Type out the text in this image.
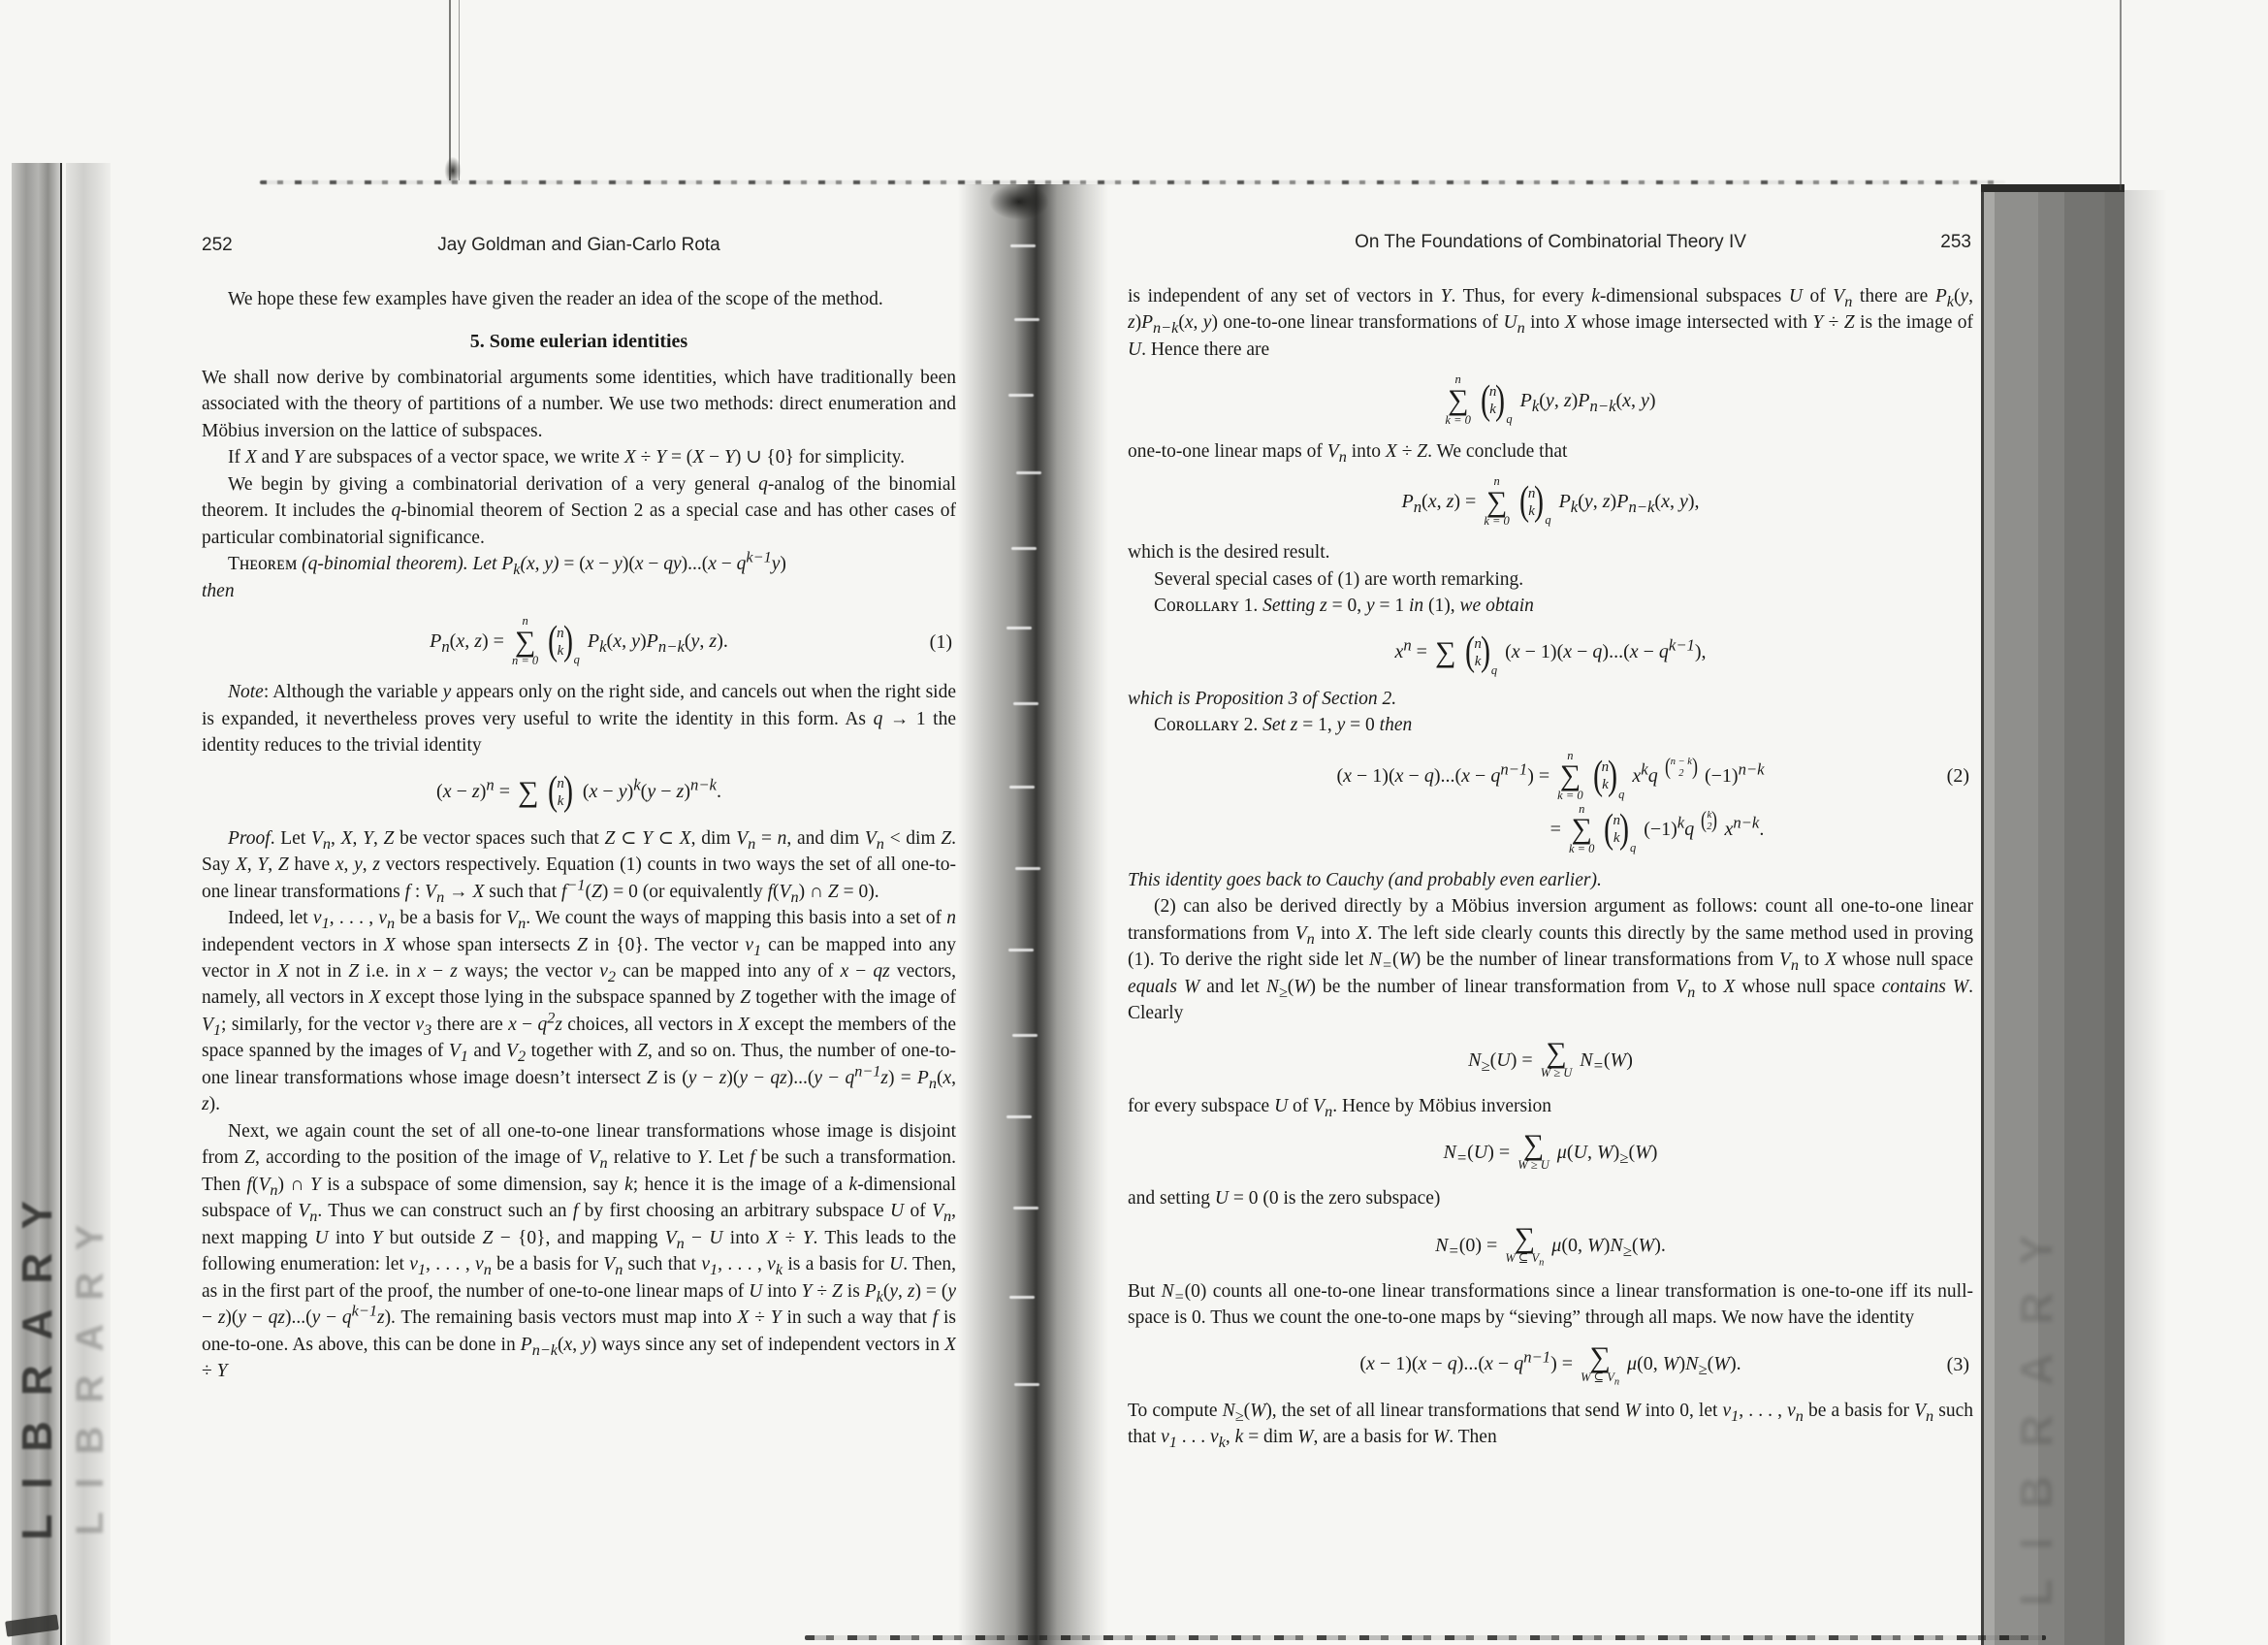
LIBRARY LIBRARY	LIBRARY
252	Jay Goldman and Gian-Carlo Rota	On The Foundations of Combinatorial Theory IV	253

We hope these few examples have given the reader an idea of the scope of the method.

5. Some eulerian identities

We shall now derive by combinatorial arguments some identities, which have traditionally been associated with the theory of partitions of a number. We use two methods: direct enumeration and Möbius inversion on the lattice of subspaces.

If X and Y are subspaces of a vector space, we write X ÷ Y = (X − Y) ∪ {0} for simplicity.

We begin by giving a combinatorial derivation of a very general q-analog of the binomial theorem. It includes the q-binomial theorem of Section 2 as a special case and has other cases of particular combinatorial significance.

Tʜᴇᴏʀᴇᴍ (q-binomial theorem). Let $P_k(x$, $y) = (x - y)(x - qy)...(x - q^{k-1}y)$

then

$P_n(x$, z) =
n
∑
n = 0 (
n
k ) q
$P_k(x$, $y)P_{n-k}(y$, z).	(1)

Note: Although the variable y appears only on the right side, and cancels out when the right side is expanded, it nevertheless proves very useful to write the identity in this form. As q → 1 the identity reduces to the trivial identity

$(x - z)^n$ = ∑ (
n
k ) $(x - y)^k(y - z)^{n-k}$.

Proof. Let $V_n$, X, Y, Z be vector spaces such that Z ⊂ Y ⊂ X, dim $V_n = n$, and dim $V_n$ < dim Z. Say X, Y, Z have x, y, z vectors respectively. Equation (1) counts in two ways the set of all one-to-one linear transformations f : $V_n \to X$ such that $f^{-1}(Z) = 0$ (or equivalently $f(V_n)$ ∩ Z = 0).

Indeed, let $v_1$, . . . , $v_n$ be a basis for $V_n$. We count the ways of mapping this basis into a set of n independent vectors in X whose span intersects Z in {0}. The vector $v_1$ can be mapped into any vector in X not in Z i.e. in x − z ways; the vector $v_2$ can be mapped into any of x − qz vectors, namely, all vectors in X except those lying in the subspace spanned by Z together with the image of $V_1$; similarly, for the vector $v_3$ there are $x - q^2z$ choices, all vectors in X except the members of the space spanned by the images of $V_1$ and $V_2$ together with Z, and so on. Thus, the number of one-to-one linear transformations whose image doesn’t intersect Z is $(y - z)(y - qz)...(y - q^{n-1}z) = P_n(x$, z).

Next, we again count the set of all one-to-one linear transformations whose image is disjoint from Z, according to the position of the image of $V_n$ relative to Y. Let f be such a transformation. Then $f(V_n)$ ∩ Y is a subspace of some dimension, say k; hence it is the image of a k-dimensional subspace of $V_n$. Thus we can construct such an f by first choosing an arbitrary subspace U of $V_n$, next mapping U into Y but outside Z − {0}, and mapping $V_n - U$ into X ÷ Y. This leads to the following enumeration: let $v_1$, . . . , $v_n$ be a basis for $V_n$ such that $v_1$, . . . , $v_k$ is a basis for U. Then, as in the first part of the proof, the number of one-to-one linear maps of U into Y ÷ Z is $P_k(y$, $z) = (y - z)(y - qz)...(y - q^{k-1}z)$. The remaining basis vectors must map into X ÷ Y in such a way that f is one-to-one. As above, this can be done in $P_{n-k}(x$, y) ways since any set of independent vectors in X ÷ Y

is independent of any set of vectors in Y. Thus, for every k-dimensional subspaces U of $V_n$ there are $P_k(y$, $z)P_{n-k}(x$, y) one-to-one linear transformations of $U_n$ into X whose image intersected with Y ÷ Z is the image of U. Hence there are

n
∑
k = 0 (
n
k ) q
$P_k(y$, $z)P_{n-k}(x$, y)

one-to-one linear maps of $V_n$ into X ÷ Z. We conclude that

$P_n(x$, z) =
n
∑
k = 0 (
n
k ) q
$P_k(y$, $z)P_{n-k}(x$, y),

which is the desired result.

Several special cases of (1) are worth remarking.

Cᴏʀᴏʟʟᴀʀʏ 1. Setting z = 0, y = 1 in (1), we obtain

$x^n$ = ∑ (
n
k ) q
$(x - 1)(x - q)...(x - q^{k-1})$,

which is Proposition 3 of Section 2.

Cᴏʀᴏʟʟᴀʀʏ 2. Set z = 1, y = 0 then

$(x - 1)(x - q)...(x - q^{n-1})$ =
n
∑
k = 0 (
n
k ) q
$x^kq$ ( n − k
2 ) $(-1)^{n-k}$	(2)
=
n
∑
k = 0 (
n
k ) q
$(-1)^kq$ ( k
2 ) $x^{n-k}$.

This identity goes back to Cauchy (and probably even earlier).

(2) can also be derived directly by a Möbius inversion argument as follows: count all one-to-one linear transformations from $V_n$ into X. The left side clearly counts this directly by the same method used in proving (1). To derive the right side let $N_=(W)$ be the number of linear transformations from $V_n$ to X whose null space equals W and let $N_\ge(W)$ be the number of linear transformation from $V_n$ to X whose null space contains W. Clearly

$N_\ge(U)$ = ∑
W ≥ U
$N_=(W)$

for every subspace U of $V_n$. Hence by Möbius inversion

$N_=(U)$ = ∑
W ≥ U
μ(U, $W)_\ge(W)$

and setting U = 0 (0 is the zero subspace)

$N_=(0)$ = ∑
W ⊆ $V_n$
μ(0, $W)N_\ge(W)$.

But $N_=(0)$ counts all one-to-one linear transformations since a linear transformation is one-to-one iff its null-space is 0. Thus we count the one-to-one maps by “sieving” through all maps. We now have the identity

$(x - 1)(x - q)...(x - q^{n-1})$ = ∑
W ⊆ $V_n$
μ(0, $W)N_\ge(W)$.	(3)

To compute $N_\ge(W)$, the set of all linear transformations that send W into 0, let $v_1$, . . . , $v_n$ be a basis for $V_n$ such that $v_1$ . . . $v_k$, k = dim W, are a basis for W. Then
